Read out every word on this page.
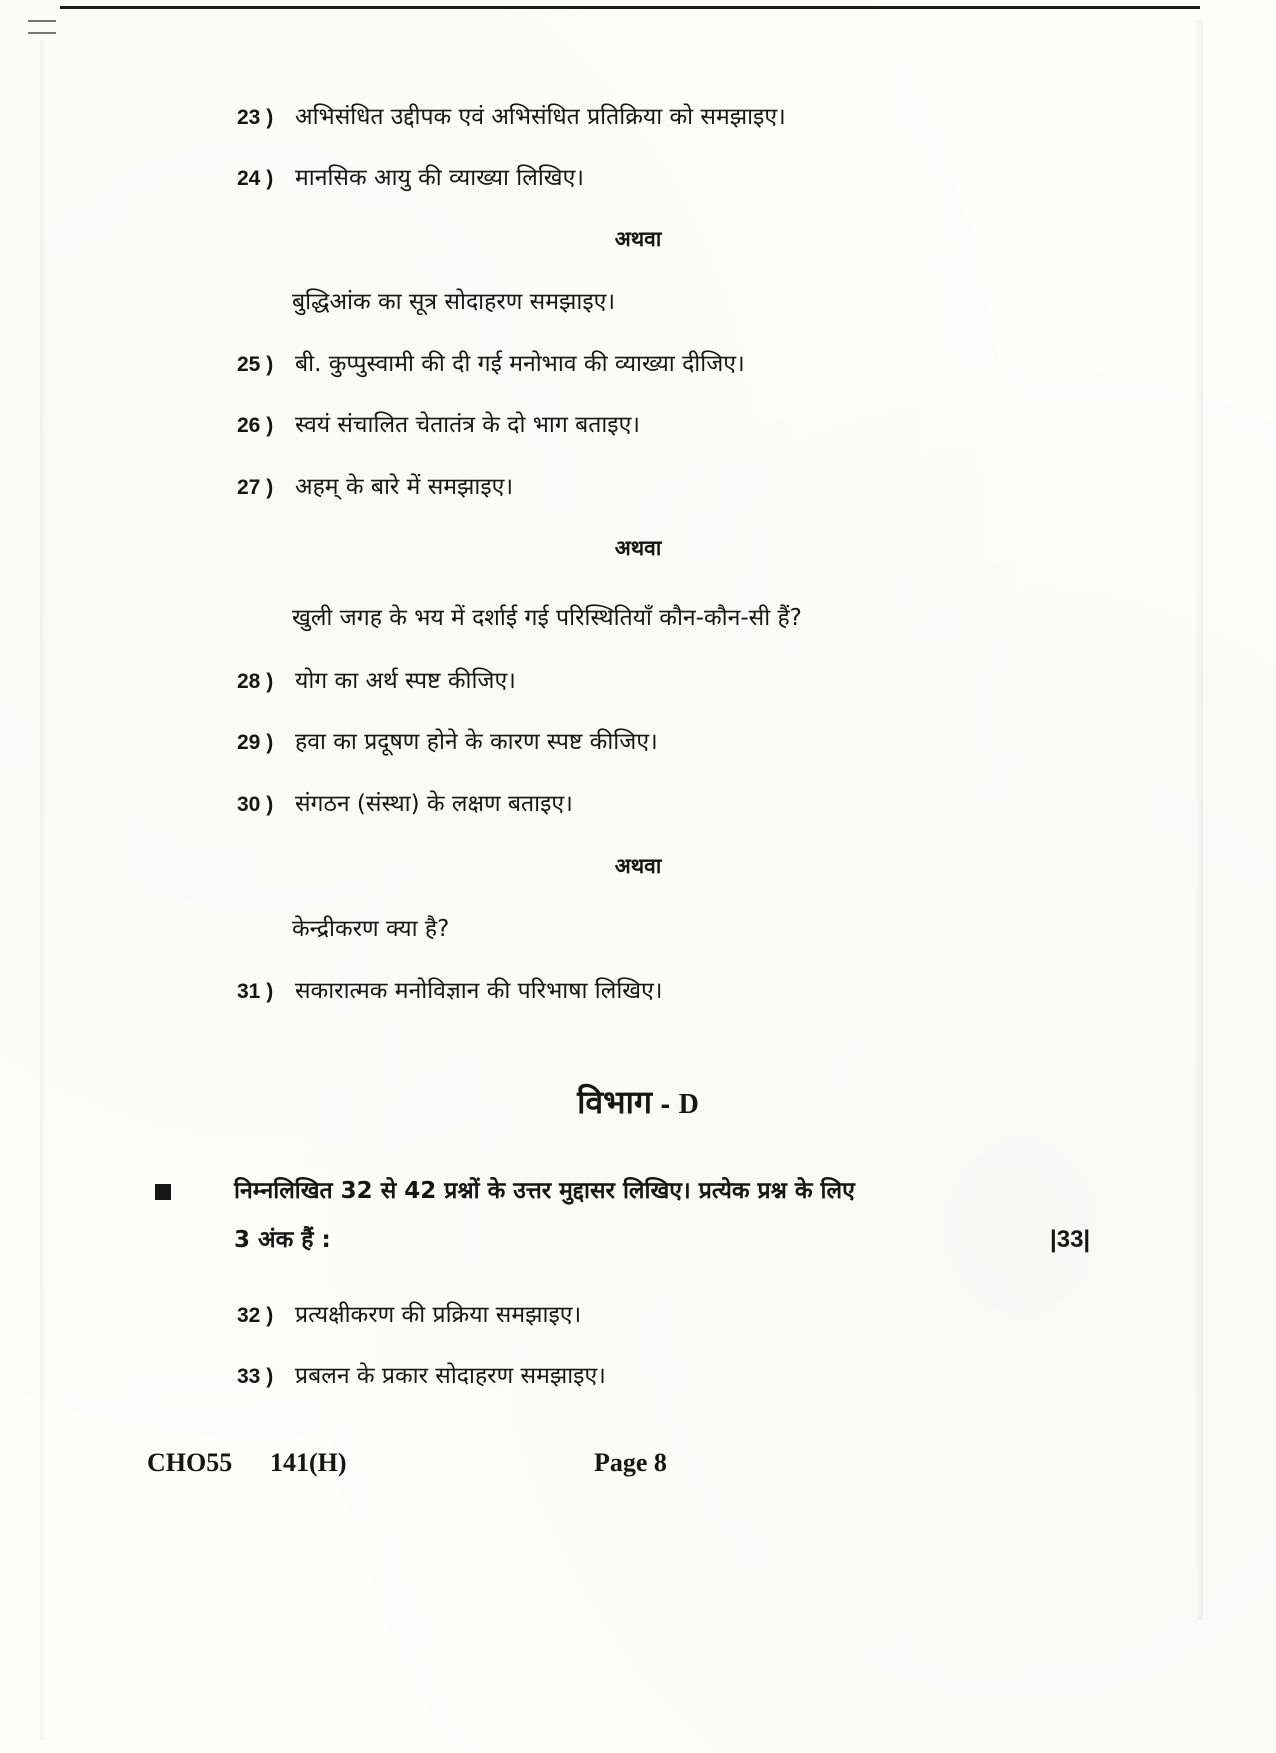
23 ) अभिसंधित उद्दीपक एवं अभिसंधित प्रतिक्रिया को समझाइए।
24 ) मानसिक आयु की व्याख्या लिखिए।
अथवा
बुद्धिआंक का सूत्र सोदाहरण समझाइए।
25 ) बी. कुप्पुस्वामी की दी गई मनोभाव की व्याख्या दीजिए।
26 ) स्वयं संचालित चेतातंत्र के दो भाग बताइए।
27 ) अहम् के बारे में समझाइए।
अथवा
खुली जगह के भय में दर्शाई गई परिस्थितियाँ कौन-कौन-सी हैं?
28 ) योग का अर्थ स्पष्ट कीजिए।
29 ) हवा का प्रदूषण होने के कारण स्पष्ट कीजिए।
30 ) संगठन (संस्था) के लक्षण बताइए।
अथवा
केन्द्रीकरण क्या है?
31 ) सकारात्मक मनोविज्ञान की परिभाषा लिखिए।
विभाग - D
निम्नलिखित 32 से 42 प्रश्नों के उत्तर मुद्दासर लिखिए। प्रत्येक प्रश्न के लिए
3 अंक हैं :	|33|
32 ) प्रत्यक्षीकरण की प्रक्रिया समझाइए।
33 ) प्रबलन के प्रकार सोदाहरण समझाइए।
CHO55 141(H)	Page 8
